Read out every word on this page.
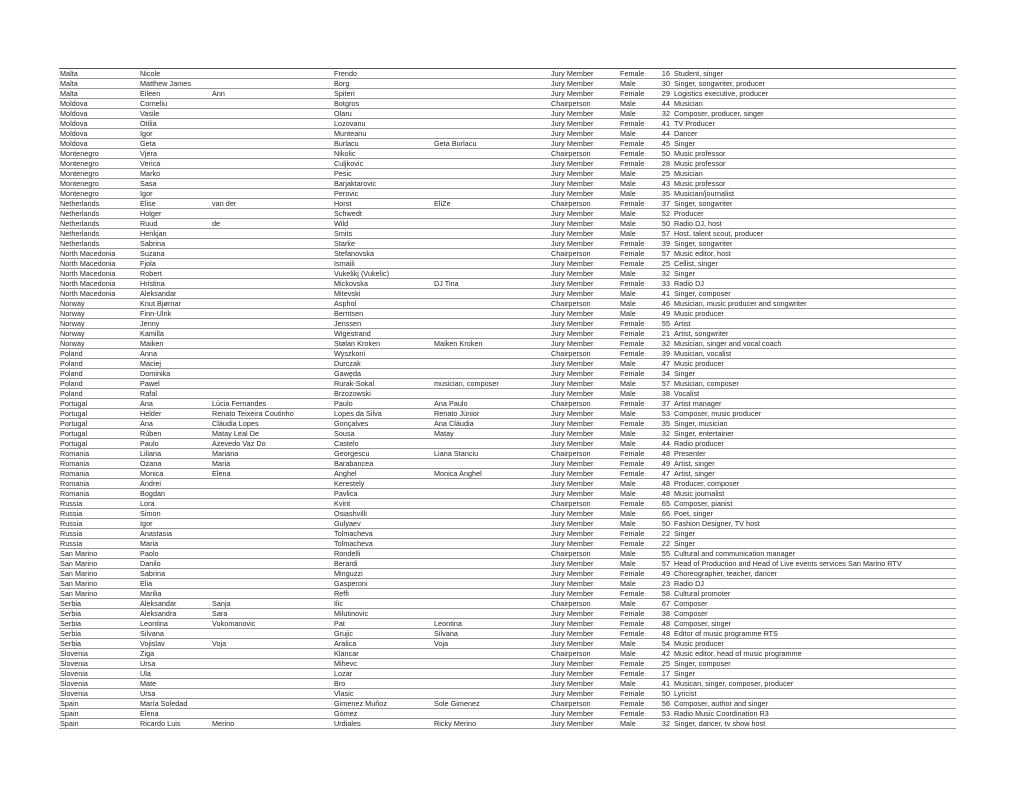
Malta	Nicole		Frendo		Jury Member	Female	16	Student, singer
Malta	Matthew James		Borg		Jury Member	Male	30	Singer, songwriter, producer
Malta	Eileen	Ann	Spiteri		Jury Member	Female	29	Logistics executive, producer
Moldova	Corneliu		Botgros		Chairperson	Male	44	Musician
Moldova	Vasile		Olaru		Jury Member	Male	32	Composer, producer, singer
Moldova	Otilia		Lozovanu		Jury Member	Female	41	TV Producer
Moldova	Igor		Munteanu		Jury Member	Male	44	Dancer
Moldova	Geta		Burlacu	Geta Burlacu	Jury Member	Female	45	Singer
Montenegro	Vjera		Nikolic		Chairperson	Female	50	Music professor
Montenegro	Verica		Culjkovic		Jury Member	Female	28	Music professor
Montenegro	Marko		Pesic		Jury Member	Male	25	Musician
Montenegro	Sasa		Barjaktarovic		Jury Member	Male	43	Music professor
Montenegro	Igor		Perovic		Jury Member	Male	35	Musician/journalist
Netherlands	Elise	van der	Horst	EliZe	Chairperson	Female	37	Singer, songwriter
Netherlands	Holger		Schwedt		Jury Member	Male	52	Producer
Netherlands	Ruud	de	Wild		Jury Member	Male	50	Radio DJ, host
Netherlands	Henkjan		Smits		Jury Member	Male	57	Host, talent scout, producer
Netherlands	Sabrina		Starke		Jury Member	Female	39	Singer, songwriter
North Macedonia	Suzana		Stefanovska		Chairperson	Female	57	Music editor, host
North Macedonia	Fjola		Ismaili		Jury Member	Female	25	Cellist, singer
North Macedonia	Robert		Vukelikj (Vukelic)		Jury Member	Male	32	Singer
North Macedonia	Hristina		Mickovska	DJ Tina	Jury Member	Female	33	Radio DJ
North Macedonia	Aleksandar		Mitevski		Jury Member	Male	41	Singer, composer
Norway	Knut Bjørnar		Asphol		Chairperson	Male	46	Musician, music producer and songwriter
Norway	Finn-Ulrik		Berntsen		Jury Member	Male	49	Music producer
Norway	Jenny		Jenssen		Jury Member	Female	55	Artist
Norway	Kamilla		Wigestrand		Jury Member	Female	21	Artist, songwriter
Norway	Maiken		Stølan Kroken	Maiken Kroken	Jury Member	Female	32	Musician, singer and vocal coach
Poland	Anna		Wyszkoni		Chairperson	Female	39	Musician, vocalist
Poland	Maciej		Durczak		Jury Member	Male	47	Music producer
Poland	Dominika		Gawęda		Jury Member	Female	34	Singer
Poland	Pawel		Rurak-Sokal	musician, composer	Jury Member	Male	57	Musician, composer
Poland	Rafal		Brzozowski		Jury Member	Male	38	Vocalist
Portugal	Ana	Lúcia Fernandes	Paulo	Ana Paulo	Chairperson	Female	37	Artist manager
Portugal	Helder	Renato Teixeira Coutinho	Lopes da Silva	Renato Júnior	Jury Member	Male	53	Composer, music producer
Portugal	Ana	Cláudia Lopes	Gonçalves	Ana Cláudia	Jury Member	Female	35	Singer, musician
Portugal	Rúben	Matay Leal De	Sousa	Matay	Jury Member	Male	32	Singer, entertainer
Portugal	Paulo	Azevedo Vaz Do	Castelo		Jury Member	Male	44	Radio producer
Romania	Liliana	Mariana	Georgescu	Liana Stanciu	Chairperson	Female	48	Presenter
Romania	Ozana	Maria	Barabancea		Jury Member	Female	49	Artist, singer
Romania	Monica	Elena	Anghel	Monica Anghel	Jury Member	Female	47	Artist, singer
Romania	Andrei		Kerestely		Jury Member	Male	48	Producer, composer
Romania	Bogdan		Pavlica		Jury Member	Male	48	Music journalist
Russia	Lora		Kvint		Chairperson	Female	65	Composer, pianist
Russia	Simon		Osiashvilli		Jury Member	Male	66	Poet, singer
Russia	Igor		Gulyaev		Jury Member	Male	50	Fashion Designer, TV host
Russia	Anastasia		Tolmacheva		Jury Member	Female	22	Singer
Russia	Maria		Tolmacheva		Jury Member	Female	22	Singer
San Marino	Paolo		Rondelli		Chairperson	Male	55	Cultural and communication manager
San Marino	Danilo		Berardi		Jury Member	Male	57	Head of Production and Head of Live events services San Marino RTV
San Marino	Sabrina		Minguzzi		Jury Member	Female	49	Choreographer, teacher, dancer
San Marino	Elia		Gasperoni		Jury Member	Male	23	Radio DJ
San Marino	Marilia		Reffi		Jury Member	Female	58	Cultural promoter
Serbia	Aleksandar	Sanja	Ilic		Chairperson	Male	67	Composer
Serbia	Aleksandra	Sara	Milutinovic		Jury Member	Female	38	Composer
Serbia	Leontina	Vukomanovic	Pat	Leontina	Jury Member	Female	48	Composer, singer
Serbia	Silvana		Grujic	Silvana	Jury Member	Female	48	Editor of music programme RTS
Serbia	Vojislav	Voja	Aralica	Voja	Jury Member	Male	54	Music producer
Slovenia	Ziga		Klancar		Chairperson	Male	42	Music editor, head of music programme
Slovenia	Ursa		Mihevc		Jury Member	Female	25	Singer, composer
Slovenia	Ula		Lozar		Jury Member	Female	17	Singer
Slovenia	Mate		Bro		Jury Member	Male	41	Musican, singer, composer, producer
Slovenia	Ursa		Vlasic		Jury Member	Female	50	Lyricist
Spain	María Soledad		Gimenez Muñoz	Sole Gimenez	Chairperson	Female	56	Composer, author and singer
Spain	Elena		Gómez		Jury Member	Female	53	Radio Music Coordination R3
Spain	Ricardo Luis	Merino	Urdiales	Ricky Merino	Jury Member	Male	32	Singer, dancer, tv show host
